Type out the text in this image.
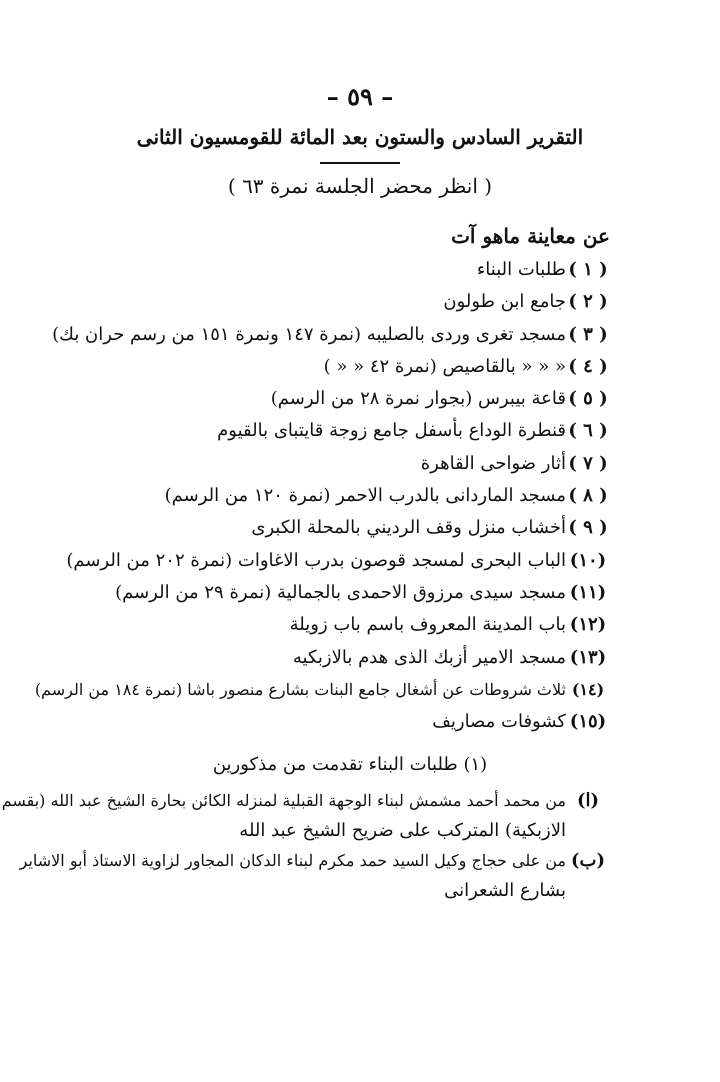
– ٥٩ –
التقرير السادس والستون بعد المائة للقومسيون الثانى
( انظر محضر الجلسة نمرة ٦٣ )
عن معاينة ماهو آت
( ١ )
طلبات البناء
( ٢ )
جامع ابن طولون
( ٣ )
مسجد تغرى وردى بالصليبه (نمرة ١٤٧ ونمرة ١٥١ من رسم حران بك)
( ٤ )
« « « بالقاصيص (نمرة ٤٢ « « )
( ٥ )
قاعة بيبرس (بجوار نمرة ٢٨ من الرسم)
( ٦ )
قنطرة الوداع بأسفل جامع زوجة قايتباى بالقيوم
( ٧ )
أثار ضواحى القاهرة
( ٨ )
مسجد الماردانى بالدرب الاحمر (نمرة ١٢٠ من الرسم)
( ٩ )
أخشاب منزل وقف الرديني بالمحلة الكبرى
(١٠)
الباب البحرى لمسجد قوصون بدرب الاغاوات (نمرة ٢٠٢ من الرسم)
(١١)
مسجد سيدى مرزوق الاحمدى بالجمالية (نمرة ٢٩ من الرسم)
(١٢)
باب المدينة المعروف باسم باب زويلة
(١٣)
مسجد الامير أزبك الذى هدم بالازبكيه
(١٤)
ثلاث شروطات عن أشغال جامع البنات بشارع منصور باشا (نمرة ١٨٤ من الرسم)
(١٥)
كشوفات مصاريف
(١) طلبات البناء تقدمت من مذكورين
(ا)
من محمد أحمد مشمش لبناء الوجهة القبلية لمنزله الكائن بحارة الشيخ عبد الله (بقسم
الازبكية) المتركب على ضريح الشيخ عبد الله
(ب)
من على حجاج وكيل السيد حمد مكرم لبناء الدكان المجاور لزاوية الاستاذ أبو الاشاير
بشارع الشعرانى
